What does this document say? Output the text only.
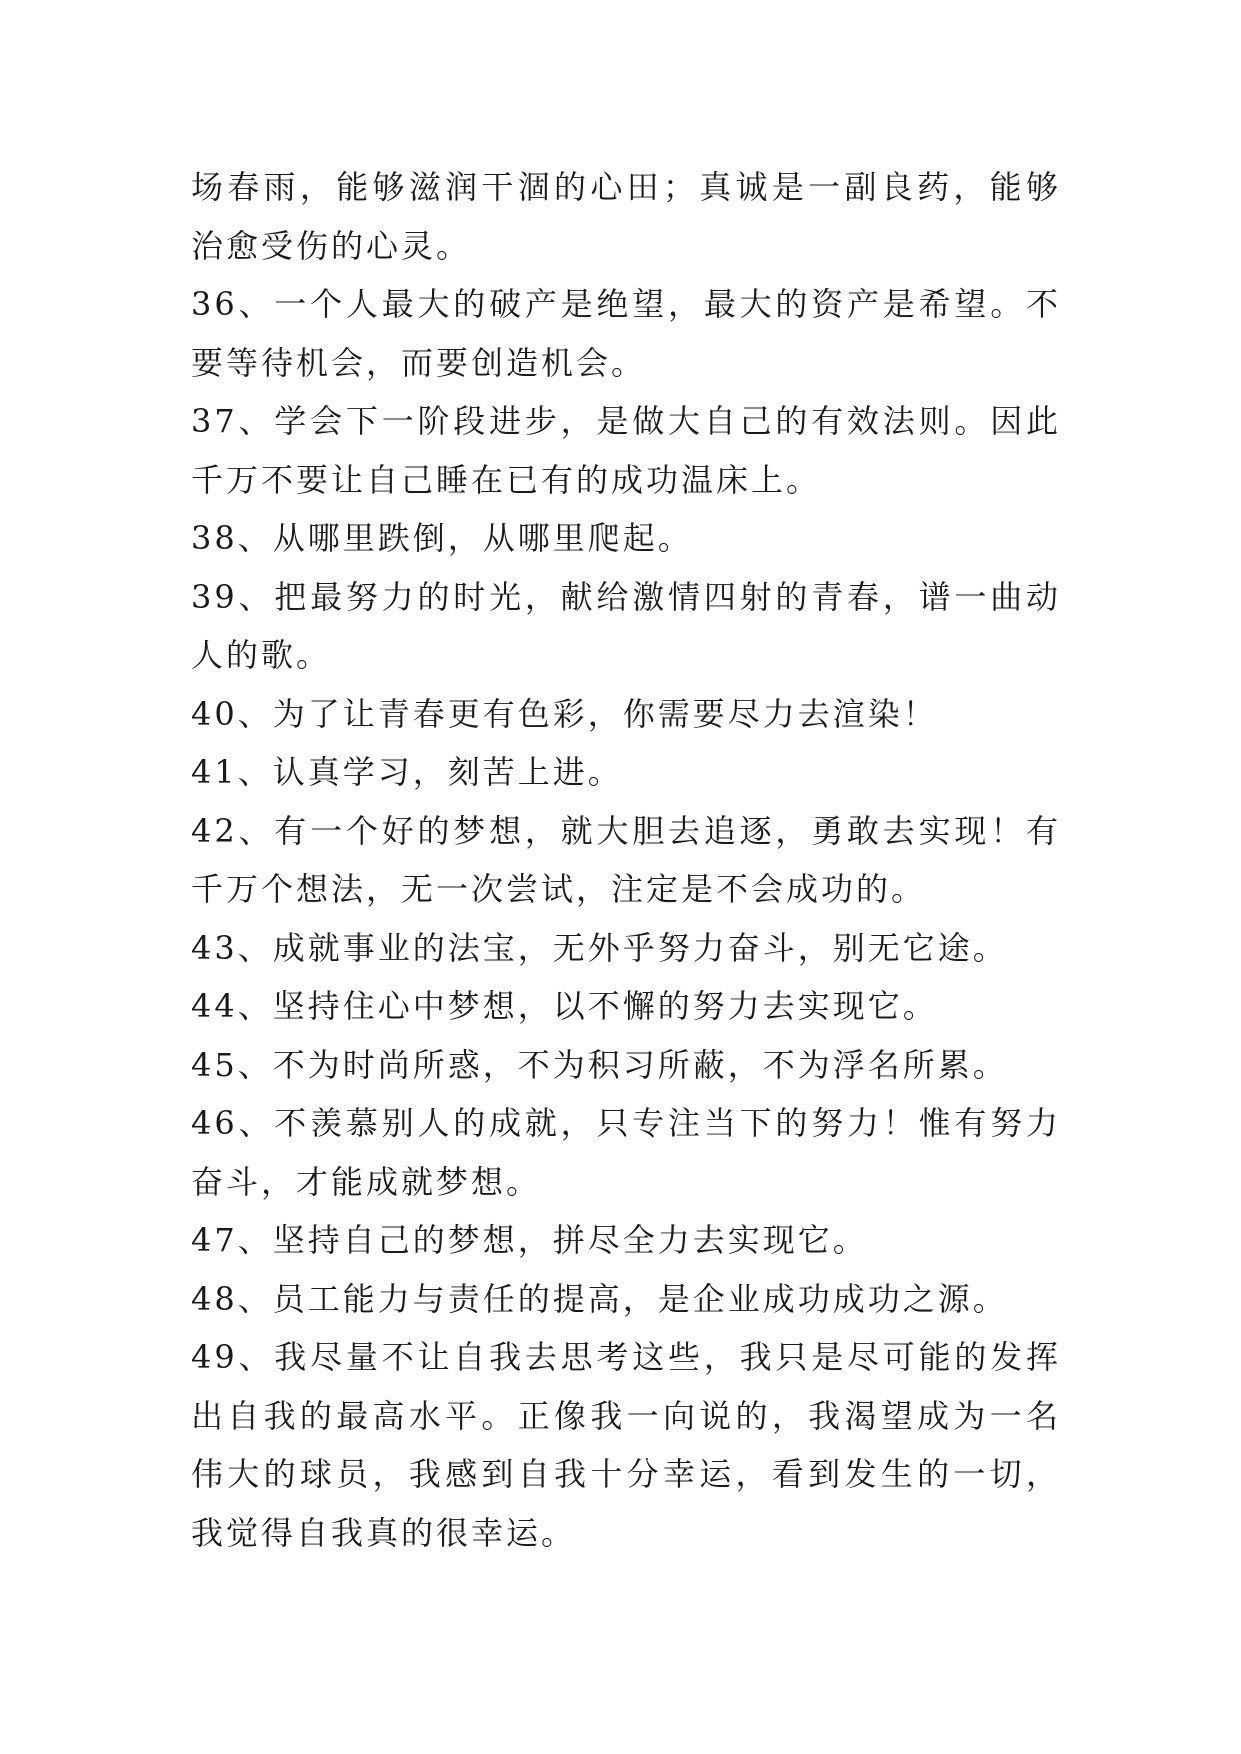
场春雨，能够滋润干涸的心田；真诚是一副良药，能够治愈受伤的心灵。

36、一个人最大的破产是绝望，最大的资产是希望。不要等待机会，而要创造机会。

37、学会下一阶段进步，是做大自己的有效法则。因此千万不要让自己睡在已有的成功温床上。

38、从哪里跌倒，从哪里爬起。

39、把最努力的时光，献给激情四射的青春，谱一曲动人的歌。

40、为了让青春更有色彩，你需要尽力去渲染！

41、认真学习，刻苦上进。

42、有一个好的梦想，就大胆去追逐，勇敢去实现！有千万个想法，无一次尝试，注定是不会成功的。

43、成就事业的法宝，无外乎努力奋斗，别无它途。

44、坚持住心中梦想，以不懈的努力去实现它。

45、不为时尚所惑，不为积习所蔽，不为浮名所累。

46、不羡慕别人的成就，只专注当下的努力！惟有努力奋斗，才能成就梦想。

47、坚持自己的梦想，拼尽全力去实现它。

48、员工能力与责任的提高，是企业成功成功之源。

49、我尽量不让自我去思考这些，我只是尽可能的发挥出自我的最高水平。正像我一向说的，我渴望成为一名伟大的球员，我感到自我十分幸运，看到发生的一切，我觉得自我真的很幸运。
